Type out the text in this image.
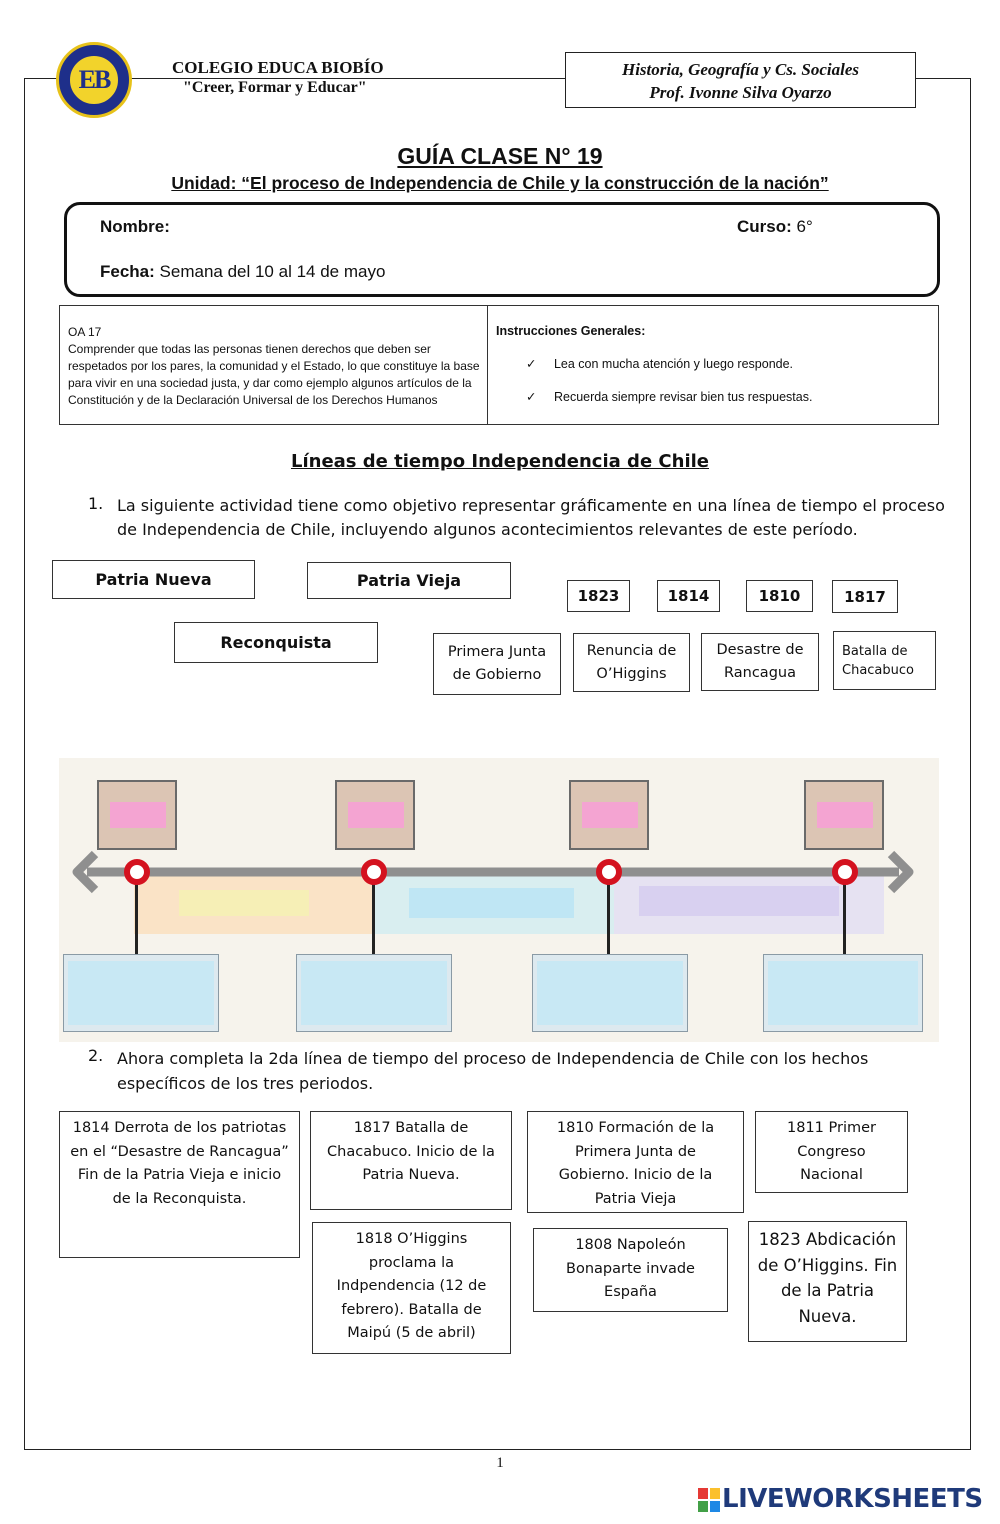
EB	COLEGIO EDUCA BIOBÍO
"Creer, Formar y Educar"
Historia, Geografía y Cs. Sociales
Prof. Ivonne Silva Oyarzo
GUÍA CLASE N° 19
Unidad: “El proceso de Independencia de Chile y la construcción de la nación”
Nombre:	Curso: 6°
Fecha: Semana del 10 al 14 de mayo
OA 17
Comprender que todas las personas tienen derechos que deben ser respetados por los pares, la comunidad y el Estado, lo que constituye la base para vivir en una sociedad justa, y dar como ejemplo algunos artículos de la Constitución y de la Declaración Universal de los Derechos Humanos
Instrucciones Generales:
✓ Lea con mucha atención y luego responde.
✓ Recuerda siempre revisar bien tus respuestas.
Líneas de tiempo Independencia de Chile
1. La siguiente actividad tiene como objetivo representar gráficamente en una línea de tiempo el proceso de Independencia de Chile, incluyendo algunos acontecimientos relevantes de este período.
Patria Nueva	Patria Vieja
Reconquista
1823	1814	1810	1817
Primera Junta de Gobierno
Renuncia de O’Higgins
Desastre de Rancagua
Batalla de Chacabuco
2. Ahora completa la 2da línea de tiempo del proceso de Independencia de Chile con los hechos específicos de los tres periodos.
1814 Derrota de los patriotas en el “Desastre de Rancagua” Fin de la Patria Vieja e inicio de la Reconquista.
1817 Batalla de Chacabuco. Inicio de la Patria Nueva.
1810 Formación de la Primera Junta de Gobierno. Inicio de la Patria Vieja
1811 Primer Congreso Nacional
1818 O’Higgins proclama la Indpendencia (12 de febrero). Batalla de Maipú (5 de abril)
1808 Napoleón Bonaparte invade España
1823 Abdicación de O’Higgins. Fin de la Patria Nueva.
1
LIVEWORKSHEETS
